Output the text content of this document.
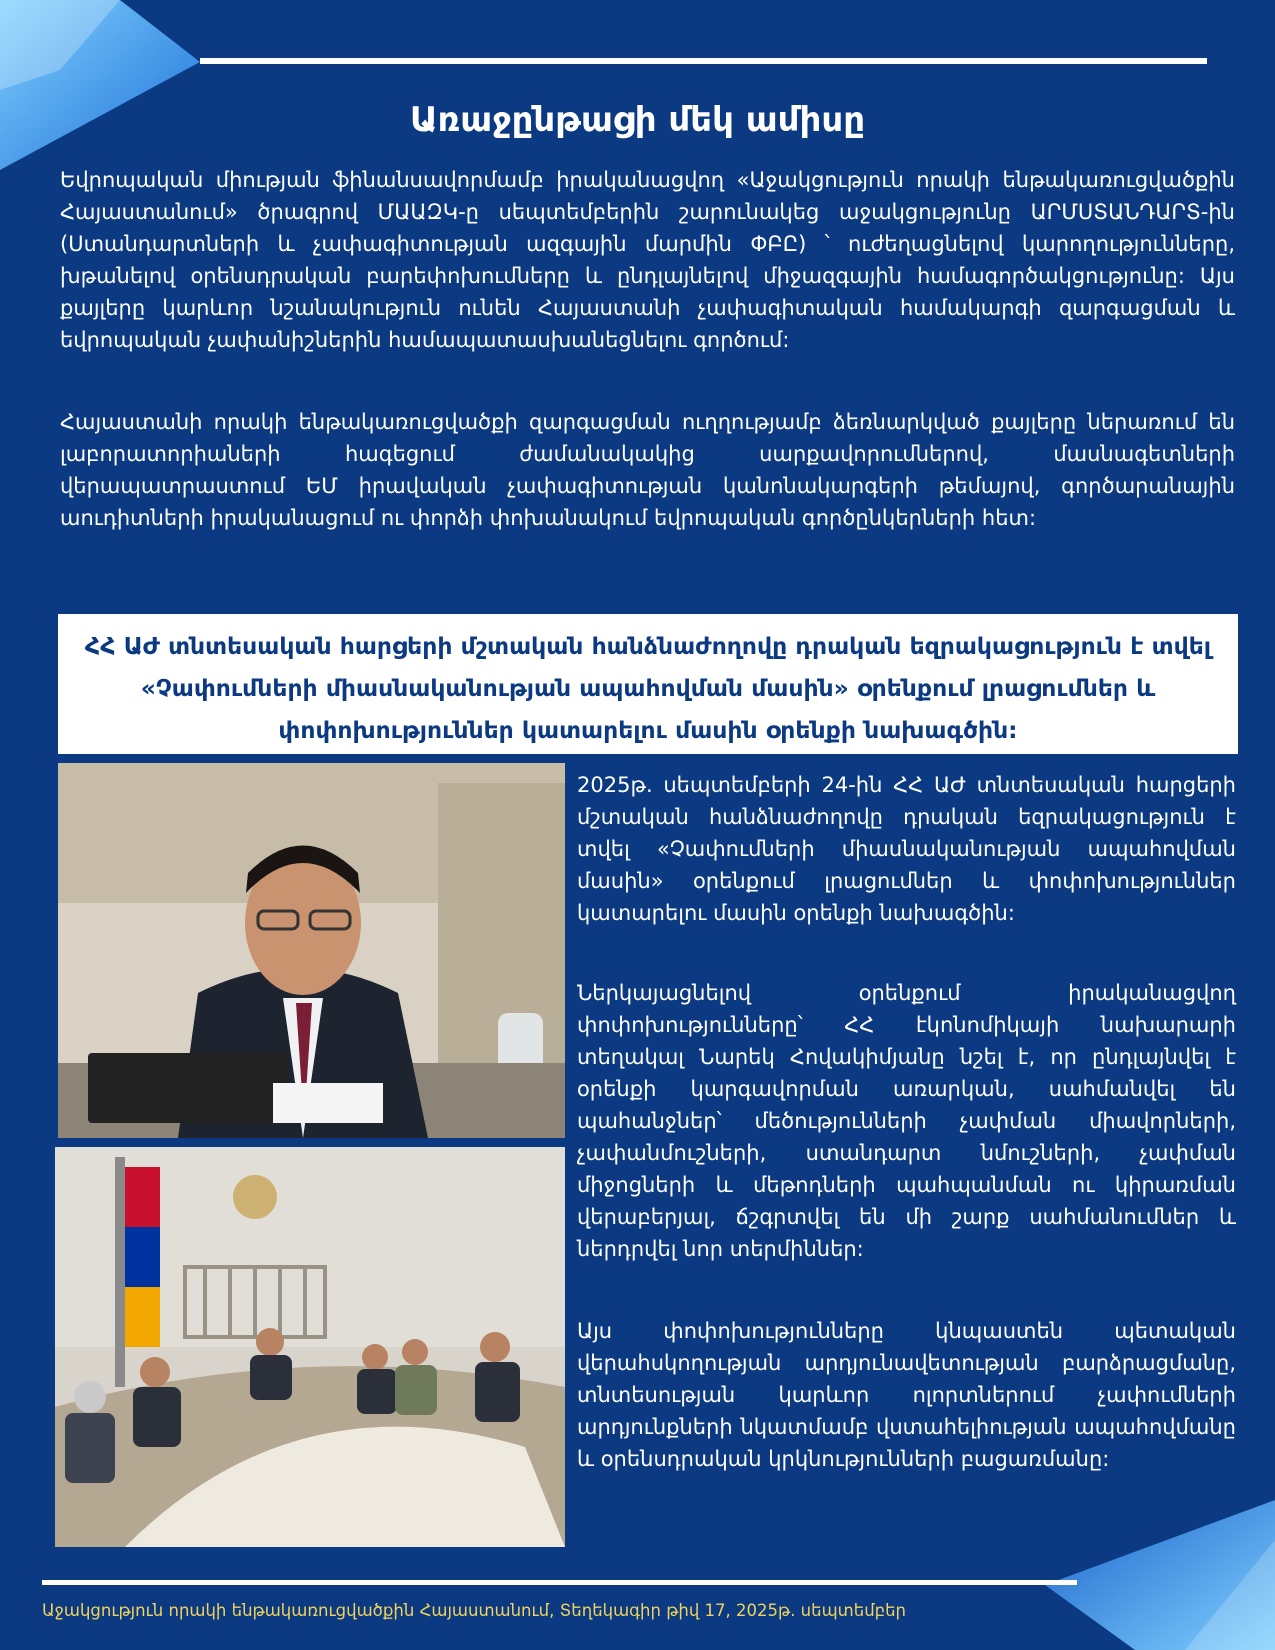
Առաջընթացի մեկ ամիսը

Եվրոպական միության ֆինանսավորմամբ իրականացվող «Աջակցություն որակի ենթակառուցվածքին Հայաստանում» ծրագրով ՄԱԱԶԿ-ը սեպտեմբերին շարունակեց աջակցությունը ԱՐՄՍՏԱՆԴԱՐՏ-ին (Ստանդարտների և չափագիտության ազգային մարմին ՓԲԸ) ՝ ուժեղացնելով կարողությունները, խթանելով օրենսդրական բարեփոխումները և ընդլայնելով միջազգային համագործակցությունը: Այս քայլերը կարևոր նշանակություն ունեն Հայաստանի չափագիտական համակարգի զարգացման և եվրոպական չափանիշներին համապատասխանեցնելու գործում:

Հայաստանի որակի ենթակառուցվածքի զարգացման ուղղությամբ ձեռնարկված քայլերը ներառում են լաբորատորիաների հագեցում ժամանակակից սարքավորումներով, մասնագետների վերապատրաստում ԵՄ իրավական չափագիտության կանոնակարգերի թեմայով, գործարանային աուդիտների իրականացում ու փորձի փոխանակում եվրոպական գործընկերների հետ:

ՀՀ ԱԺ տնտեսական հարցերի մշտական հանձնաժողովը դրական եզրակացություն է տվել «Չափումների միասնականության ապահովման մասին» օրենքում լրացումներ և փոփոխություններ կատարելու մասին օրենքի նախագծին:

2025թ. սեպտեմբերի 24-ին ՀՀ ԱԺ տնտեսական հարցերի մշտական հանձնաժողովը դրական եզրակացություն է տվել «Չափումների միասնականության ապահովման մասին» օրենքում լրացումներ և փոփոխություններ կատարելու մասին օրենքի նախագծին:

Ներկայացնելով օրենքում իրականացվող փոփոխությունները՝ ՀՀ էկոնոմիկայի նախարարի տեղակալ Նարեկ Հովակիմյանը նշել է, որ ընդլայնվել է օրենքի կարգավորման առարկան, սահմանվել են պահանջներ՝ մեծությունների չափման միավորների, չափանմուշների, ստանդարտ նմուշների, չափման միջոցների և մեթոդների պահպանման ու կիրառման վերաբերյալ, ճշգրտվել են մի շարք սահմանումներ և ներդրվել նոր տերմիններ:

Այս փոփոխությունները կնպաստեն պետական վերահսկողության արդյունավետության բարձրացմանը, տնտեսության կարևոր ոլորտներում չափումների արդյունքների նկատմամբ վստահելիության ապահովմանը և օրենսդրական կրկնությունների բացառմանը:

Աջակցություն որակի ենթակառուցվածքին Հայաստանում, Տեղեկագիր թիվ 17, 2025թ. սեպտեմբեր
